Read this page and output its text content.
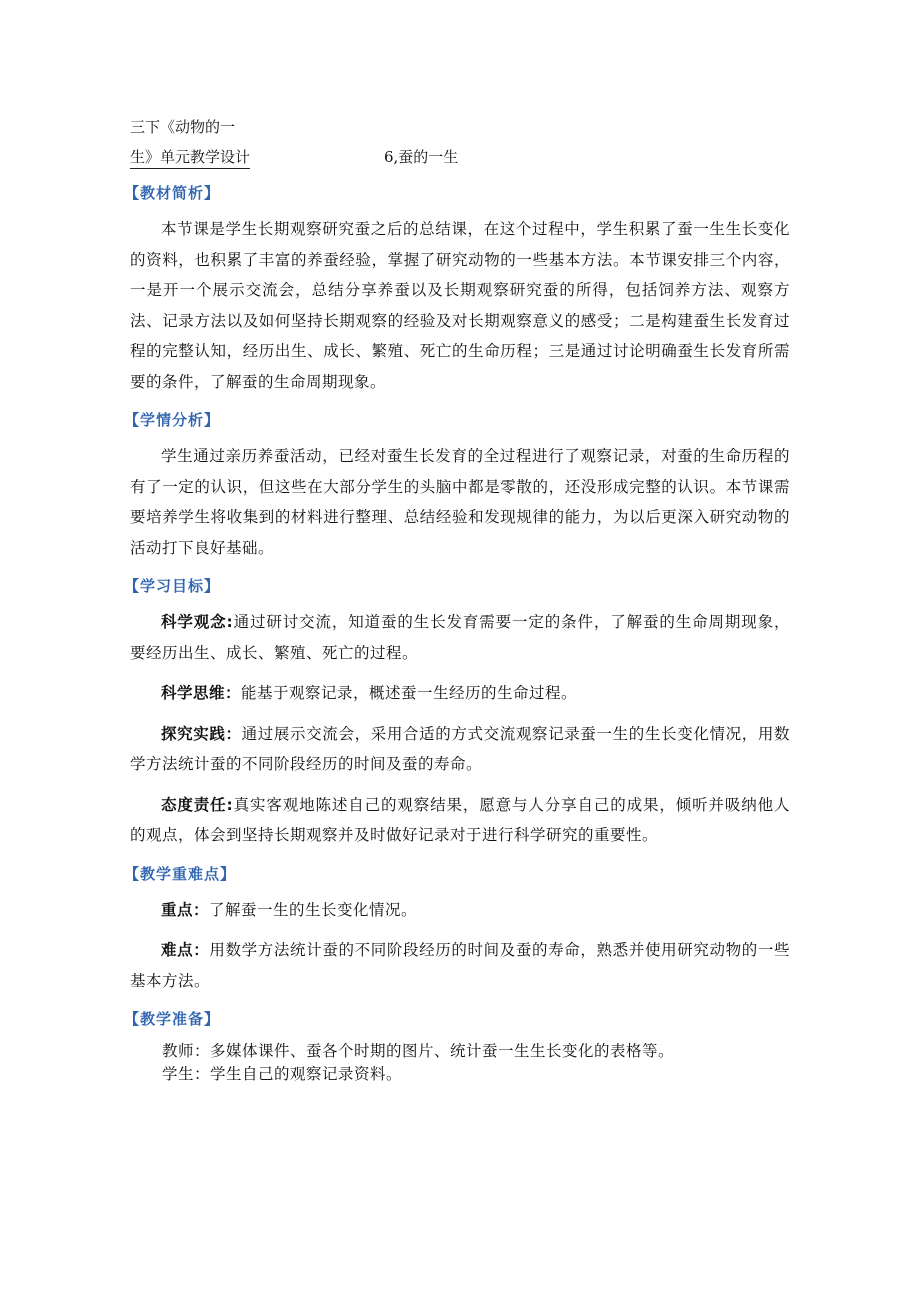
三下《动物的一
生》单元教学设计	6,蚕的一生
【教材简析】

本节课是学生长期观察研究蚕之后的总结课，在这个过程中，学生积累了蚕一生生长变化的资料，也积累了丰富的养蚕经验，掌握了研究动物的一些基本方法。本节课安排三个内容，一是开一个展示交流会，总结分享养蚕以及长期观察研究蚕的所得，包括饲养方法、观察方法、记录方法以及如何坚持长期观察的经验及对长期观察意义的感受；二是构建蚕生长发育过程的完整认知，经历出生、成长、繁殖、死亡的生命历程；三是通过讨论明确蚕生长发育所需要的条件，了解蚕的生命周期现象。

【学情分析】

学生通过亲历养蚕活动，已经对蚕生长发育的全过程进行了观察记录，对蚕的生命历程的有了一定的认识，但这些在大部分学生的头脑中都是零散的，还没形成完整的认识。本节课需要培养学生将收集到的材料进行整理、总结经验和发现规律的能力，为以后更深入研究动物的活动打下良好基础。

【学习目标】

科学观念:通过研讨交流，知道蚕的生长发育需要一定的条件，了解蚕的生命周期现象，要经历出生、成长、繁殖、死亡的过程。

科学思维：能基于观察记录，概述蚕一生经历的生命过程。

探究实践：通过展示交流会，采用合适的方式交流观察记录蚕一生的生长变化情况，用数学方法统计蚕的不同阶段经历的时间及蚕的寿命。

态度责任:真实客观地陈述自己的观察结果，愿意与人分享自己的成果，倾听并吸纳他人的观点，体会到坚持长期观察并及时做好记录对于进行科学研究的重要性。

【教学重难点】

重点：了解蚕一生的生长变化情况。

难点：用数学方法统计蚕的不同阶段经历的时间及蚕的寿命，熟悉并使用研究动物的一些基本方法。

【教学准备】

教师：多媒体课件、蚕各个时期的图片、统计蚕一生生长变化的表格等。

学生：学生自己的观察记录资料。
